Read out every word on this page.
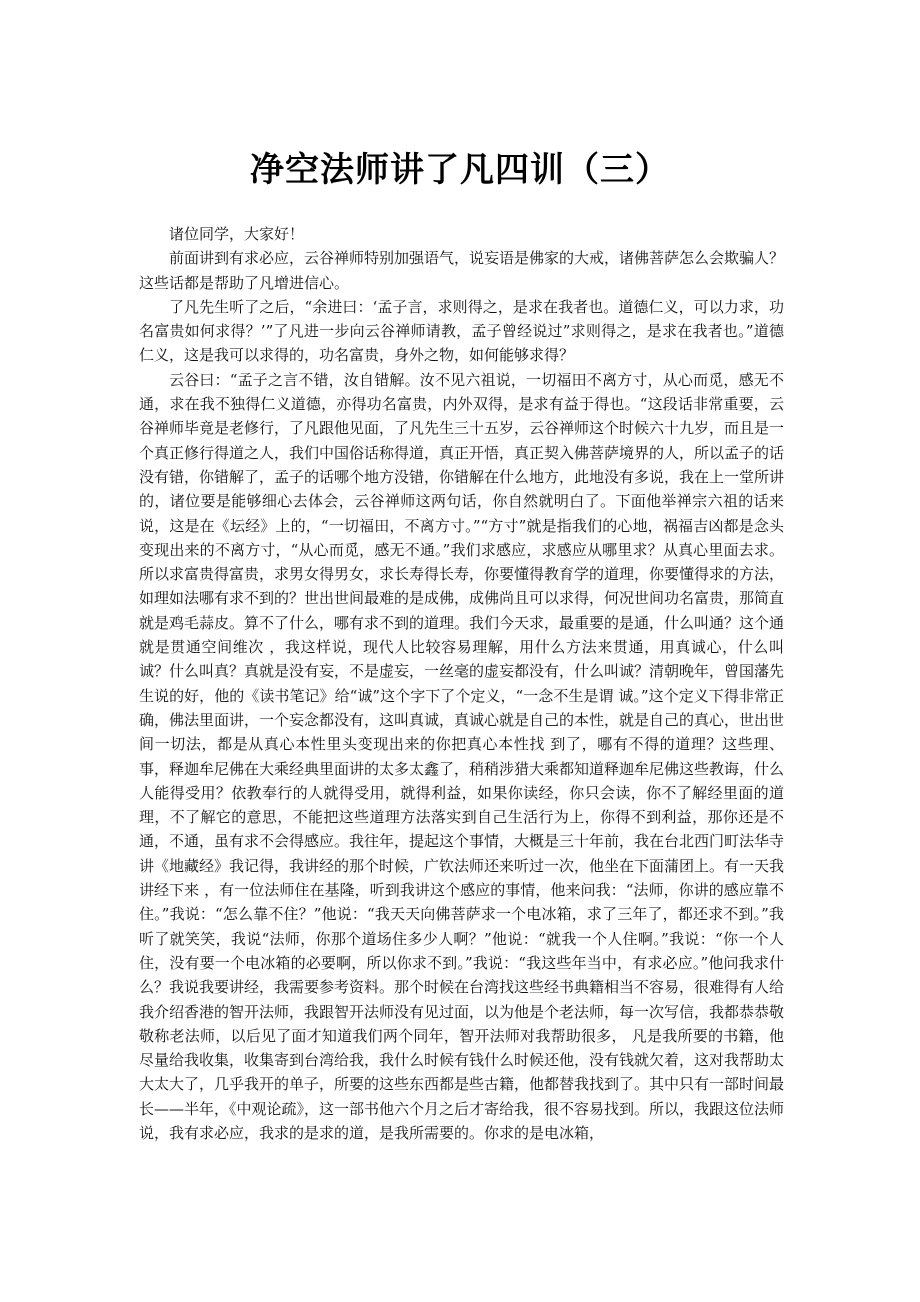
净空法师讲了凡四训（三）

诸位同学，大家好！

前面讲到有求必应，云谷禅师特别加强语气，说妄语是佛家的大戒，诸佛菩萨怎么会欺骗人？这些话都是帮助了凡增进信心。

了凡先生听了之后，“余进曰：‘孟子言，求则得之，是求在我者也。道德仁义，可以力求，功名富贵如何求得？’”了凡进一步向云谷禅师请教，孟子曾经说过”求则得之，是求在我者也。”道德仁义，这是我可以求得的，功名富贵，身外之物，如何能够求得？

云谷曰：“孟子之言不错，汝自错解。汝不见六祖说，一切福田不离方寸，从心而觅，感无不通，求在我不独得仁义道德，亦得功名富贵，内外双得，是求有益于得也。“这段话非常重要，云谷禅师毕竟是老修行，了凡跟他见面，了凡先生三十五岁，云谷禅师这个时候六十九岁，而且是一个真正修行得道之人，我们中国俗话称得道，真正开悟，真正契入佛菩萨境界的人，所以孟子的话没有错，你错解了，孟子的话哪个地方没错，你错解在什么地方，此地没有多说，我在上一堂所讲的，诸位要是能够细心去体会，云谷禅师这两句话，你自然就明白了。下面他举禅宗六祖的话来说，这是在《坛经》上的，“一切福田，不离方寸。”“方寸”就是指我们的心地，祸福吉凶都是念头变现出来的不离方寸，“从心而觅，感无不通。”我们求感应，求感应从哪里求？从真心里面去求。所以求富贵得富贵，求男女得男女，求长寿得长寿，你要懂得教育学的道理，你要懂得求的方法，如理如法哪有求不到的？世出世间最难的是成佛，成佛尚且可以求得，何况世间功名富贵，那简直就是鸡毛蒜皮。算不了什么，哪有求不到的道理。我们今天求，最重要的是通，什么叫通？这个通就是贯通空间维次 ，我这样说，现代人比较容易理解，用什么方法来贯通，用真诚心，什么叫诚？什么叫真？真就是没有妄，不是虚妄，一丝毫的虚妄都没有，什么叫诚？清朝晚年，曾国藩先生说的好，他的《读书笔记》给“诚”这个字下了个定义，“一念不生是谓 诚。”这个定义下得非常正确，佛法里面讲，一个妄念都没有，这叫真诚，真诚心就是自己的本性，就是自己的真心，世出世间一切法，都是从真心本性里头变现出来的你把真心本性找 到了，哪有不得的道理？这些理、事，释迦牟尼佛在大乘经典里面讲的太多太鑫了，稍稍涉猎大乘都知道释迦牟尼佛这些教诲，什么人能得受用？依教奉行的人就得受用，就得利益，如果你读经，你只会读，你不了解经里面的道理，不了解它的意思，不能把这些道理方法落实到自己生活行为上，你得不到利益，那你还是不通，不通，虽有求不会得感应。我往年，提起这个事情，大概是三十年前，我在台北西门町法华寺讲《地藏经》我记得，我讲经的那个时候，广钦法师还来听过一次，他坐在下面蒲团上。有一天我讲经下来 ，有一位法师住在基隆，听到我讲这个感应的事情，他来问我：“法师，你讲的感应靠不住。”我说：“怎么靠不住？”他说：“我天天向佛菩萨求一个电冰箱，求了三年了，都还求不到。”我听了就笑笑，我说“法师，你那个道场住多少人啊？”他说：“就我一个人住啊。”我说：“你一个人住，没有要一个电冰箱的必要啊，所以你求不到。”我说：“我这些年当中，有求必应。”他问我求什么？我说我要讲经，我需要参考资料。那个时候在台湾找这些经书典籍相当不容易，很难得有人给我介绍香港的智开法师，我跟智开法师没有见过面，以为他是个老法师，每一次写信，我都恭恭敬敬称老法师，以后见了面才知道我们两个同年，智开法师对我帮助很多， 凡是我所要的书籍，他尽量给我收集，收集寄到台湾给我，我什么时候有钱什么时候还他，没有钱就欠着，这对我帮助太大太大了，几乎我开的单子，所要的这些东西都是些古籍，他都替我找到了。其中只有一部时间最长——半年，《中观论疏》，这一部书他六个月之后才寄给我，很不容易找到。所以，我跟这位法师说，我有求必应，我求的是求的道，是我所需要的。你求的是电冰箱，
